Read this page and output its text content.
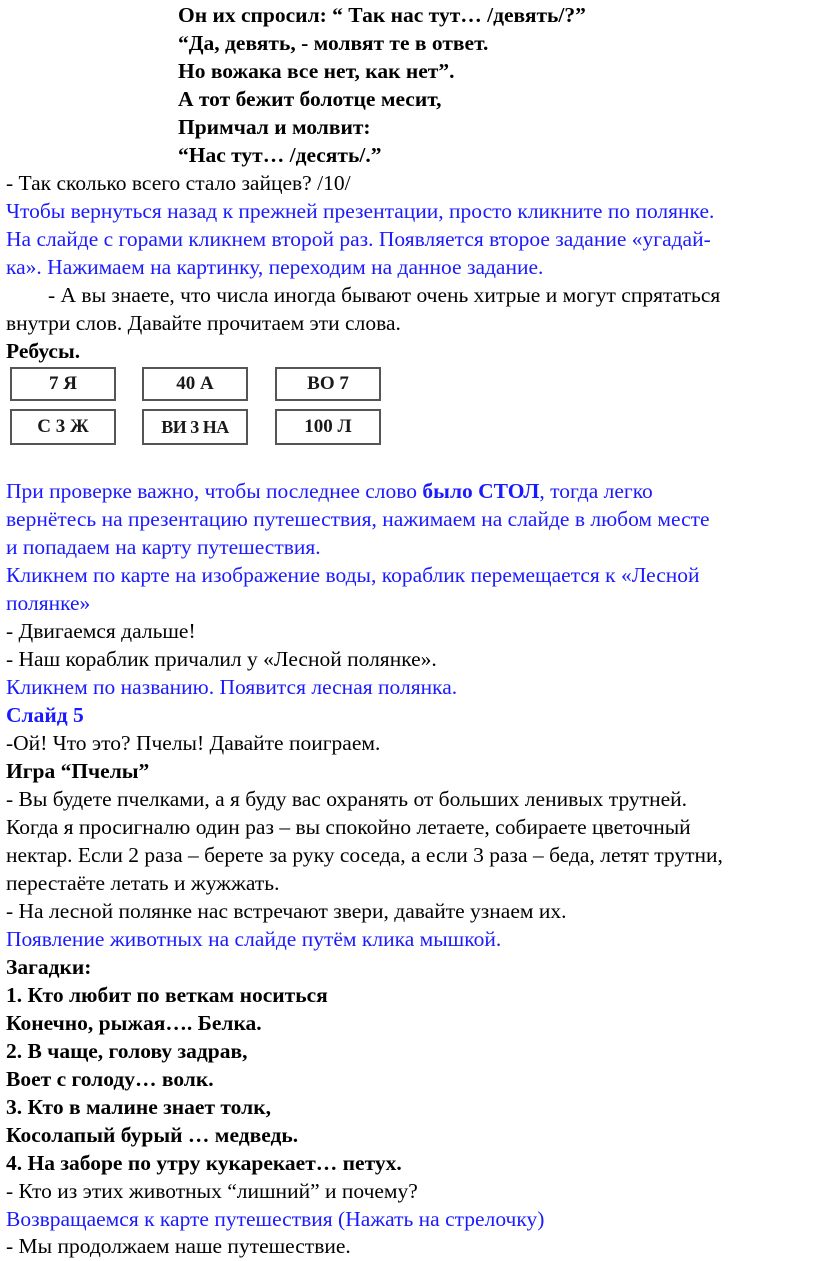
Он их спросил: “ Так нас тут… /девять/?”
“Да, девять, - молвят те в ответ.
Но вожака все нет, как нет”.
А тот бежит болотце месит,
Примчал и молвит:
“Нас тут… /десять/.”
- Так сколько всего стало зайцев? /10/
Чтобы вернуться назад к прежней презентации, просто кликните по полянке.
На слайде с горами кликнем второй раз. Появляется второе задание «угадай-
ка». Нажимаем на картинку, переходим на данное задание.
- А вы знаете, что числа иногда бывают очень хитрые и могут спрятаться
внутри слов. Давайте прочитаем эти слова.
Ребусы.
7 Я	40 А	ВО 7
С 3 Ж	ВИ 3 НА	100 Л
При проверке важно, чтобы последнее слово было СТОЛ, тогда легко
вернётесь на презентацию путешествия, нажимаем на слайде в любом месте
и попадаем на карту путешествия.
Кликнем по карте на изображение воды, кораблик перемещается к «Лесной
полянке»
- Двигаемся дальше!
- Наш кораблик причалил у «Лесной полянке».
Кликнем по названию. Появится лесная полянка.
Слайд 5
-Ой! Что это? Пчелы! Давайте поиграем.
Игра “Пчелы”
- Вы будете пчелками, а я буду вас охранять от больших ленивых трутней.
Когда я просигналю один раз – вы спокойно летаете, собираете цветочный
нектар. Если 2 раза – берете за руку соседа, а если 3 раза – беда, летят трутни,
перестаёте летать и жужжать.
- На лесной полянке нас встречают звери, давайте узнаем их.
Появление животных на слайде путём клика мышкой.
Загадки:
1. Кто любит по веткам носиться
Конечно, рыжая…. Белка.
2. В чаще, голову задрав,
Воет с голоду… волк.
3. Кто в малине знает толк,
Косолапый бурый … медведь.
4. На заборе по утру кукарекает… петух.
- Кто из этих животных “лишний” и почему?
Возвращаемся к карте путешествия (Нажать на стрелочку)
- Мы продолжаем наше путешествие.
